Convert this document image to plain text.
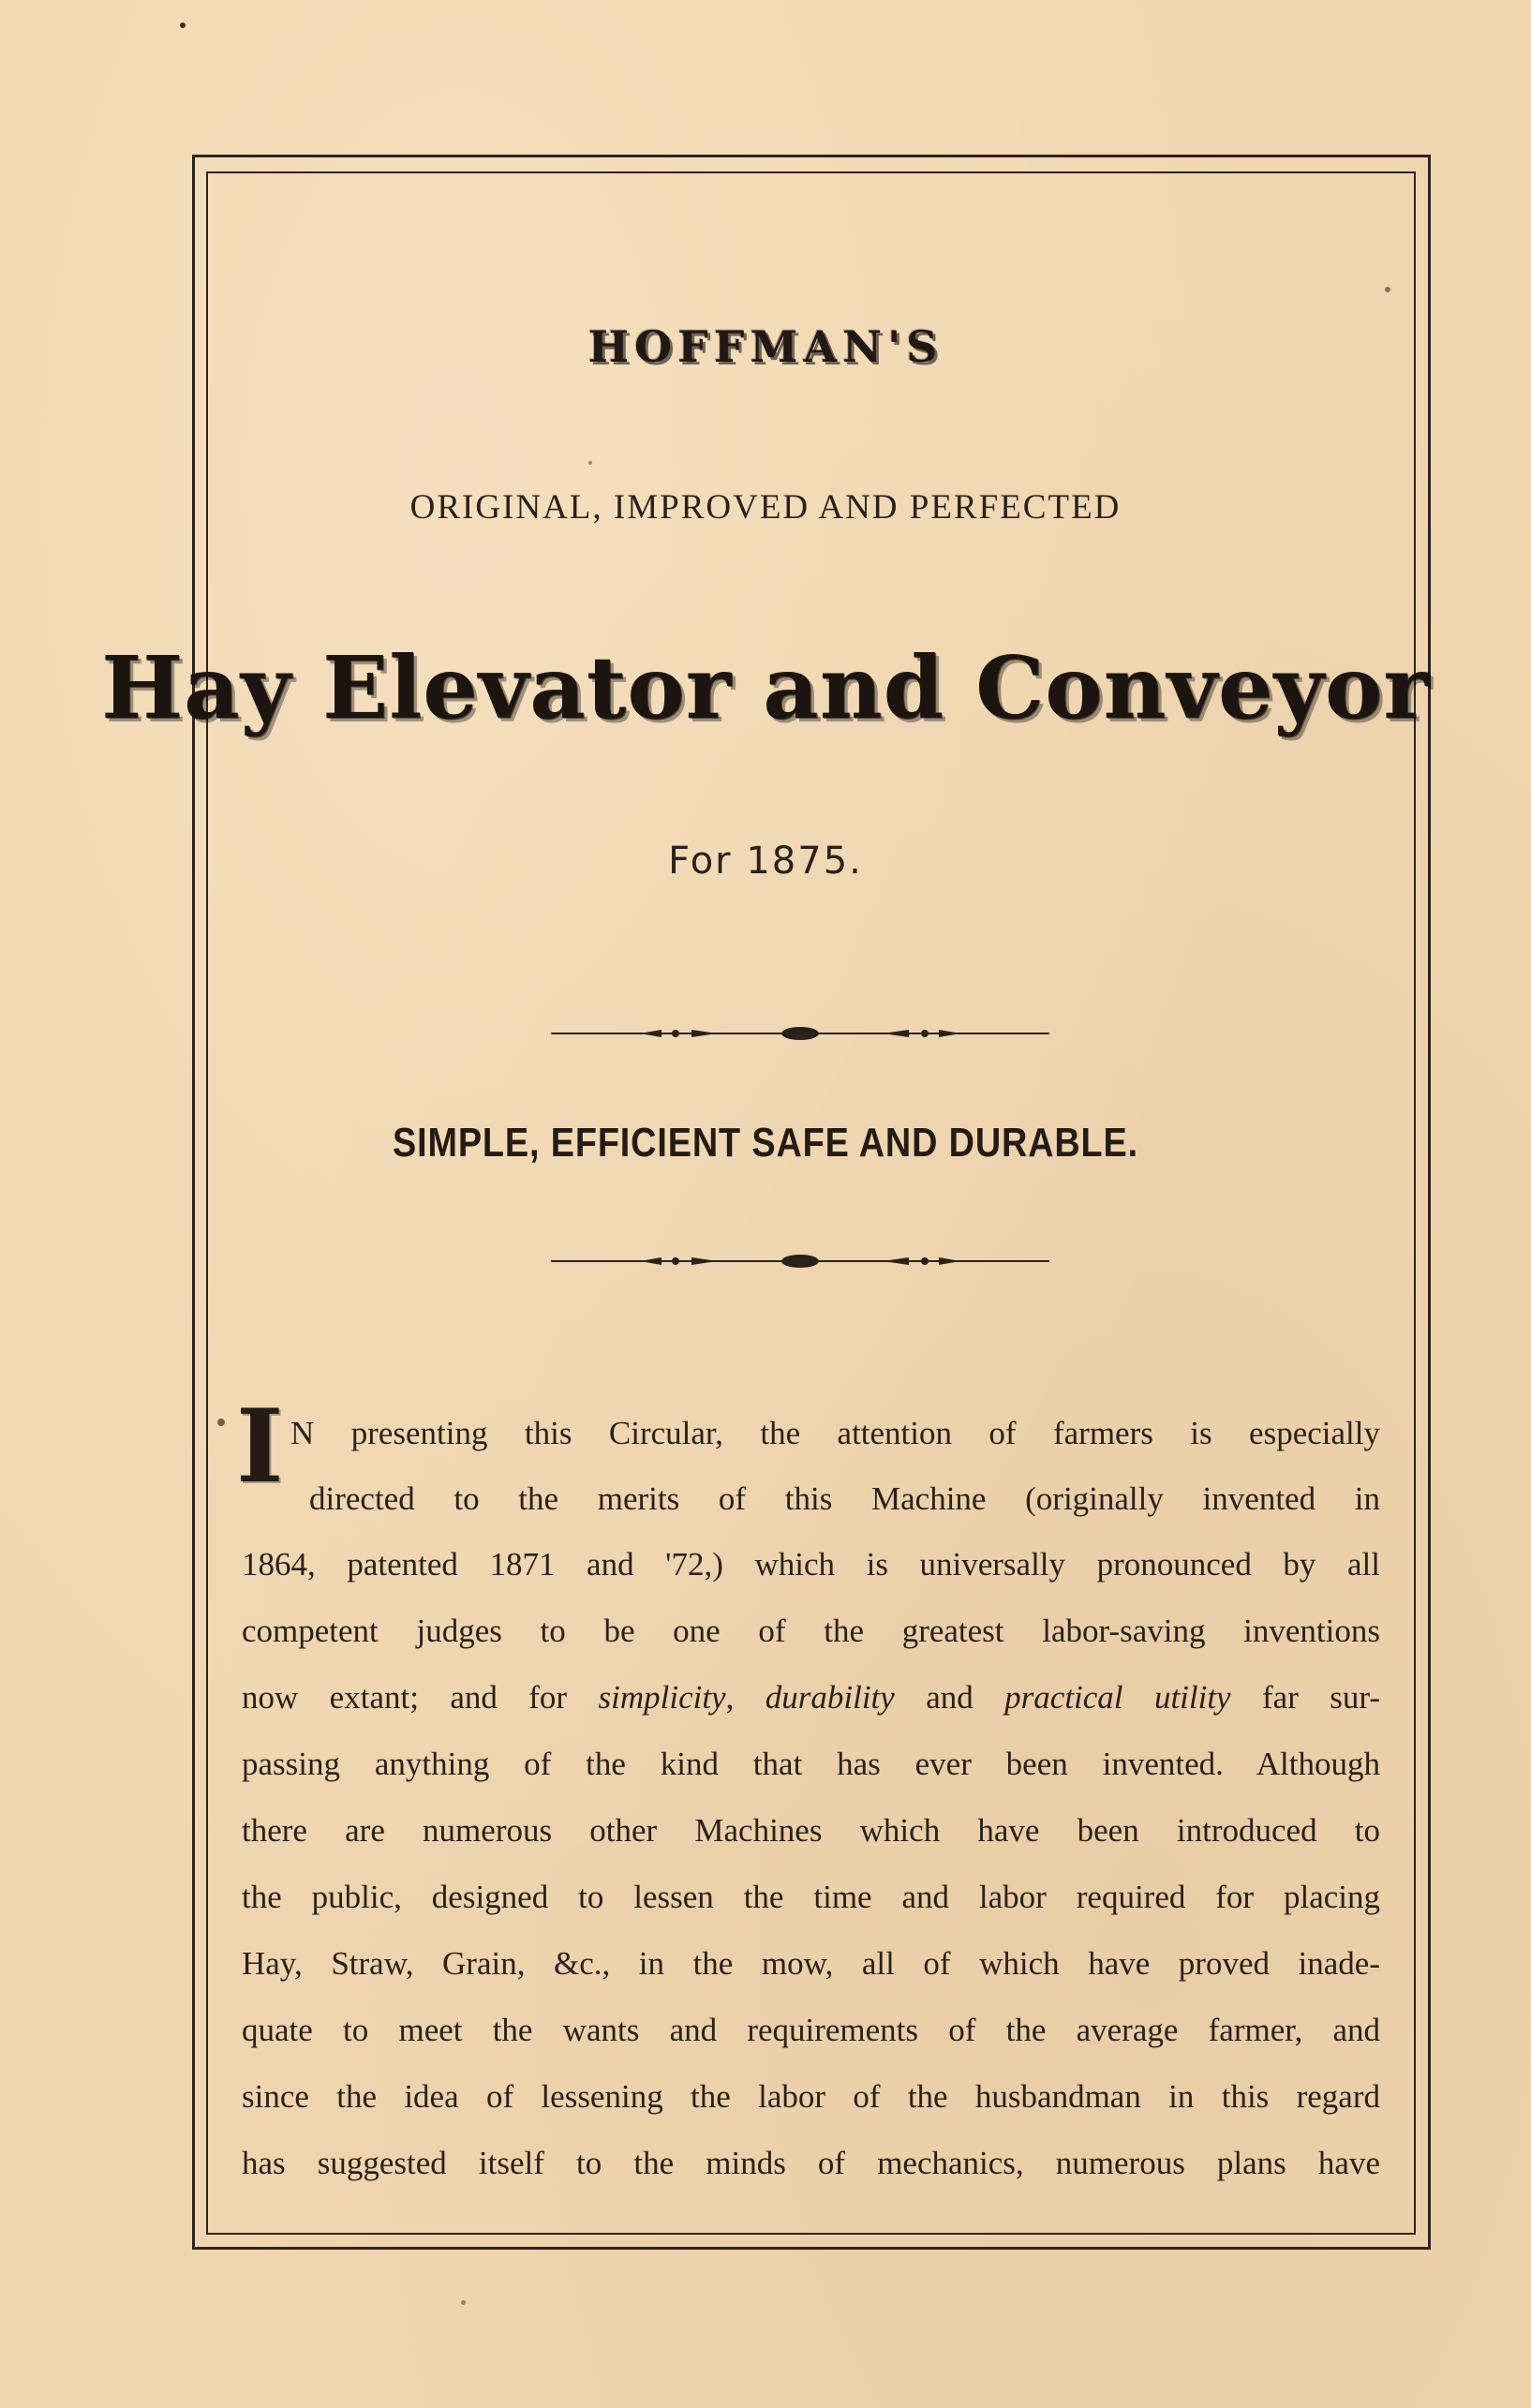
HOFFMAN'S
ORIGINAL, IMPROVED AND PERFECTED
Hay Elevator and Conveyor
For 1875.
SIMPLE, EFFICIENT SAFE AND DURABLE.
I N presenting this Circular, the attention of farmers is especially
directed to the merits of this Machine (originally invented in
1864, patented 1871 and '72,) which is universally pronounced by all
competent judges to be one of the greatest labor-saving inventions
now extant; and for simplicity, durability and practical utility far sur-
passing anything of the kind that has ever been invented. Although
there are numerous other Machines which have been introduced to
the public, designed to lessen the time and labor required for placing
Hay, Straw, Grain, &c., in the mow, all of which have proved inade-
quate to meet the wants and requirements of the average farmer, and
since the idea of lessening the labor of the husbandman in this regard
has suggested itself to the minds of mechanics, numerous plans have
